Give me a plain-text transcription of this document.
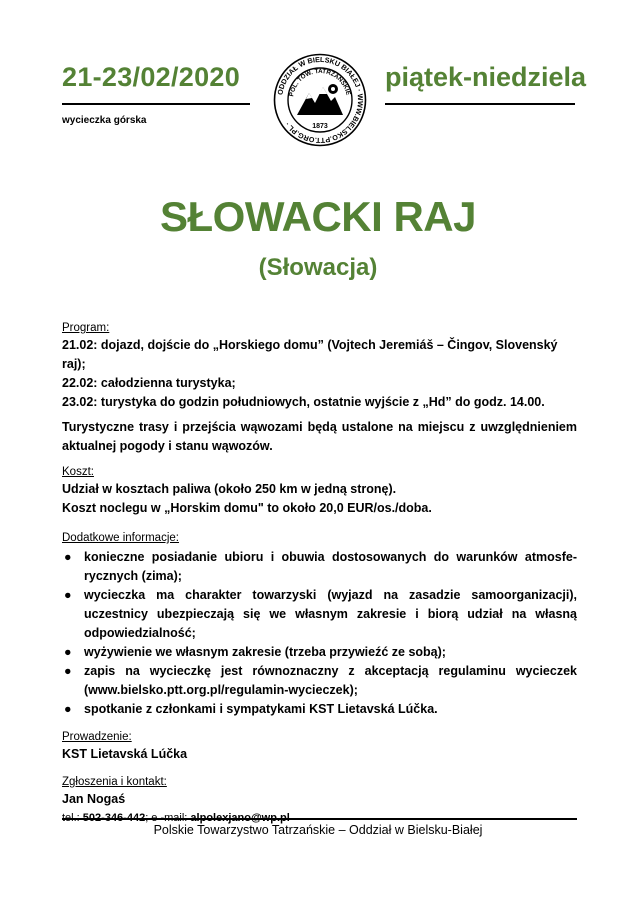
21-23/02/2020	piątek-niedziela
wycieczka górska
ODDZIAŁ W BIELSKU BIAŁEJ · WWW.BIELSKO.PTT.ORG.PL ·
POL. TOW. TATRZAŃSKIE
1873
SŁOWACKI RAJ
(Słowacja)
Program:
21.02: dojazd, dojście do „Horskiego domu” (Vojtech Jeremiáš – Čingov, Slovenský raj);
22.02: całodzienna turystyka;
23.02: turystyka do godzin południowych, ostatnie wyjście z „Hd” do godz. 14.00.
Turystyczne trasy i przejścia wąwozami będą ustalone na miejscu z uwzględnieniem aktualnej pogody i stanu wąwozów.
Koszt:
Udział w kosztach paliwa (około 250 km w jedną stronę).
Koszt noclegu w „Horskim domu" to około 20,0 EUR/os./doba.
Dodatkowe informacje:
● konieczne posiadanie ubioru i obuwia dostosowanych do warunków atmosfe-rycznych (zima);
● wycieczka ma charakter towarzyski (wyjazd na zasadzie samoorganizacji), uczestnicy ubezpieczają się we własnym zakresie i biorą udział na własną odpowiedzialność;
● wyżywienie we własnym zakresie (trzeba przywieźć ze sobą);
● zapis na wycieczkę jest równoznaczny z akceptacją regulaminu wycieczek (www.bielsko.ptt.org.pl/regulamin-wycieczek);
● spotkanie z członkami i sympatykami KST Lietavská Lúčka.
Prowadzenie:
KST Lietavská Lúčka
Zgłoszenia i kontakt:
Jan Nogaś
Polskie Towarzystwo Tatrzańskie – Oddział w Bielsku-Białej
